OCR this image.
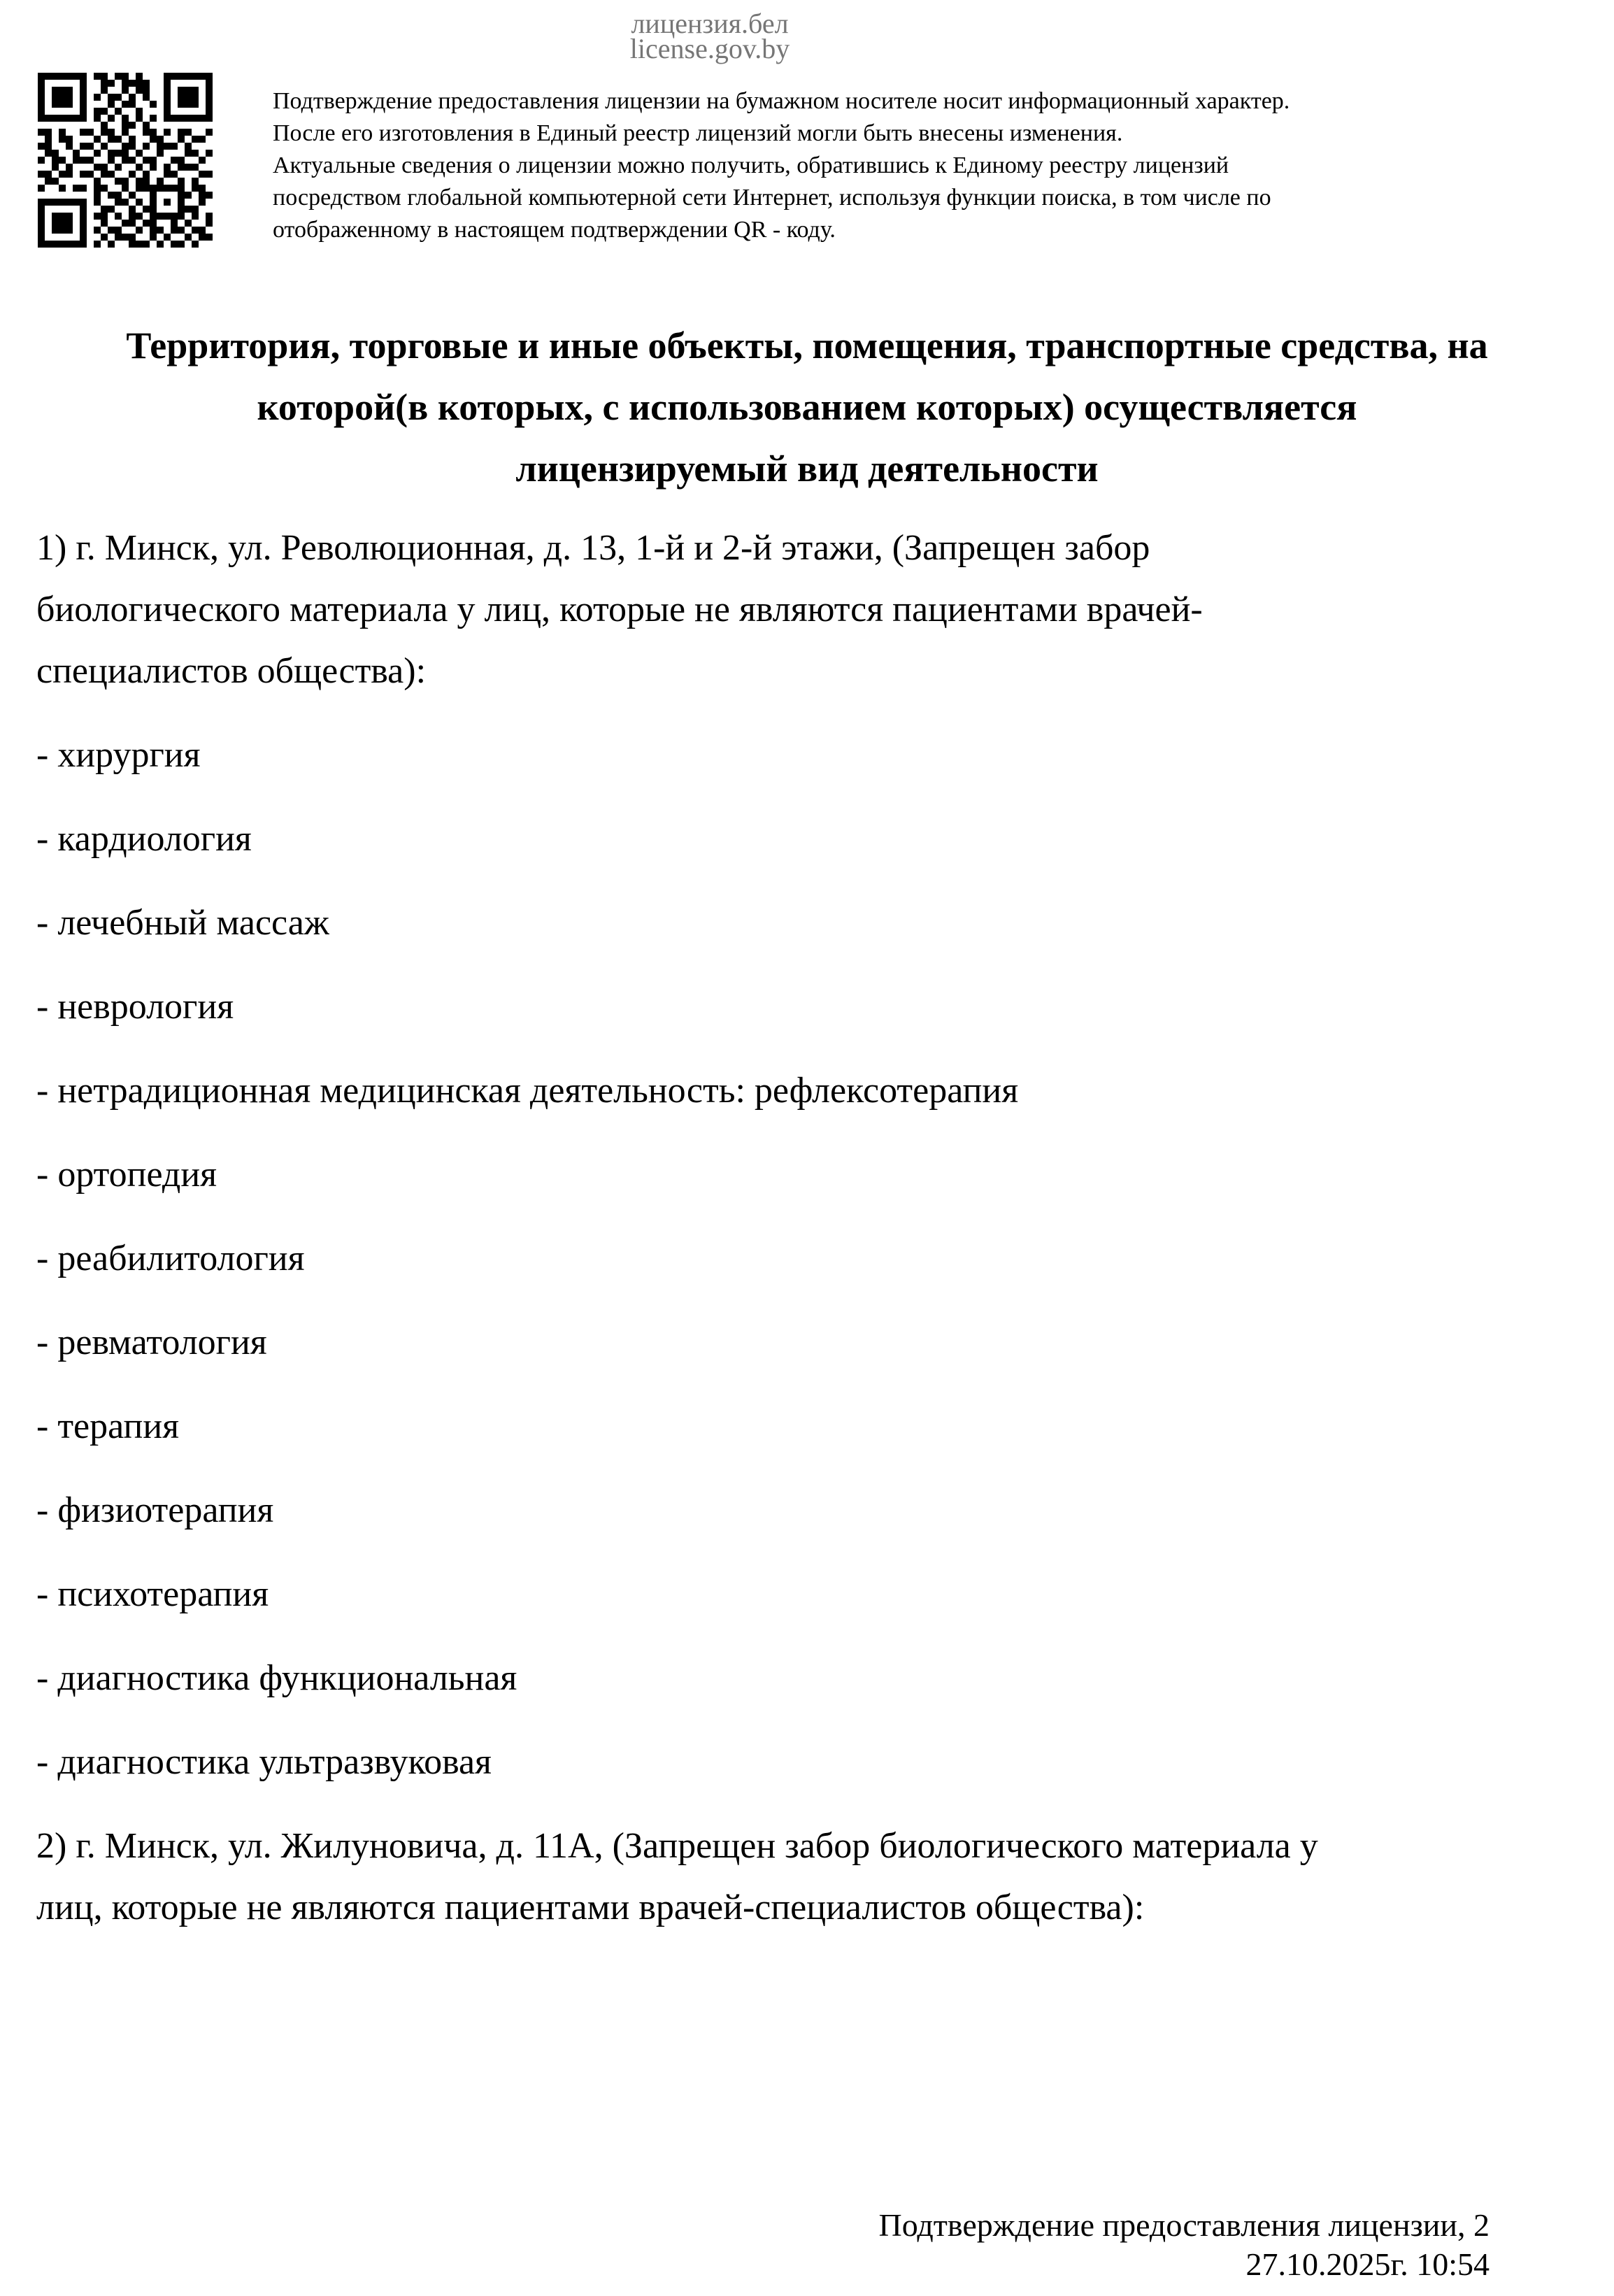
лицензия.бел
license.gov.by
Подтверждение предоставления лицензии на бумажном носителе носит информационный характер.
После его изготовления в Единый реестр лицензий могли быть внесены изменения.
Актуальные сведения о лицензии можно получить, обратившись к Единому реестру лицензий
посредством глобальной компьютерной сети Интернет, используя функции поиска, в том числе по
отображенному в настоящем подтверждении QR - коду.
Территория, торговые и иные объекты, помещения, транспортные средства, на
которой(в которых, с использованием которых) осуществляется
лицензируемый вид деятельности
1) г. Минск, ул. Революционная, д. 13, 1-й и 2-й этажи, (Запрещен забор
биологического материала у лиц, которые не являются пациентами врачей-
специалистов общества):
- хирургия
- кардиология
- лечебный массаж
- неврология
- нетрадиционная медицинская деятельность: рефлексотерапия
- ортопедия
- реабилитология
- ревматология
- терапия
- физиотерапия
- психотерапия
- диагностика функциональная
- диагностика ультразвуковая
2) г. Минск, ул. Жилуновича, д. 11А, (Запрещен забор биологического материала у
лиц, которые не являются пациентами врачей-специалистов общества):
Подтверждение предоставления лицензии, 2
27.10.2025г. 10:54
